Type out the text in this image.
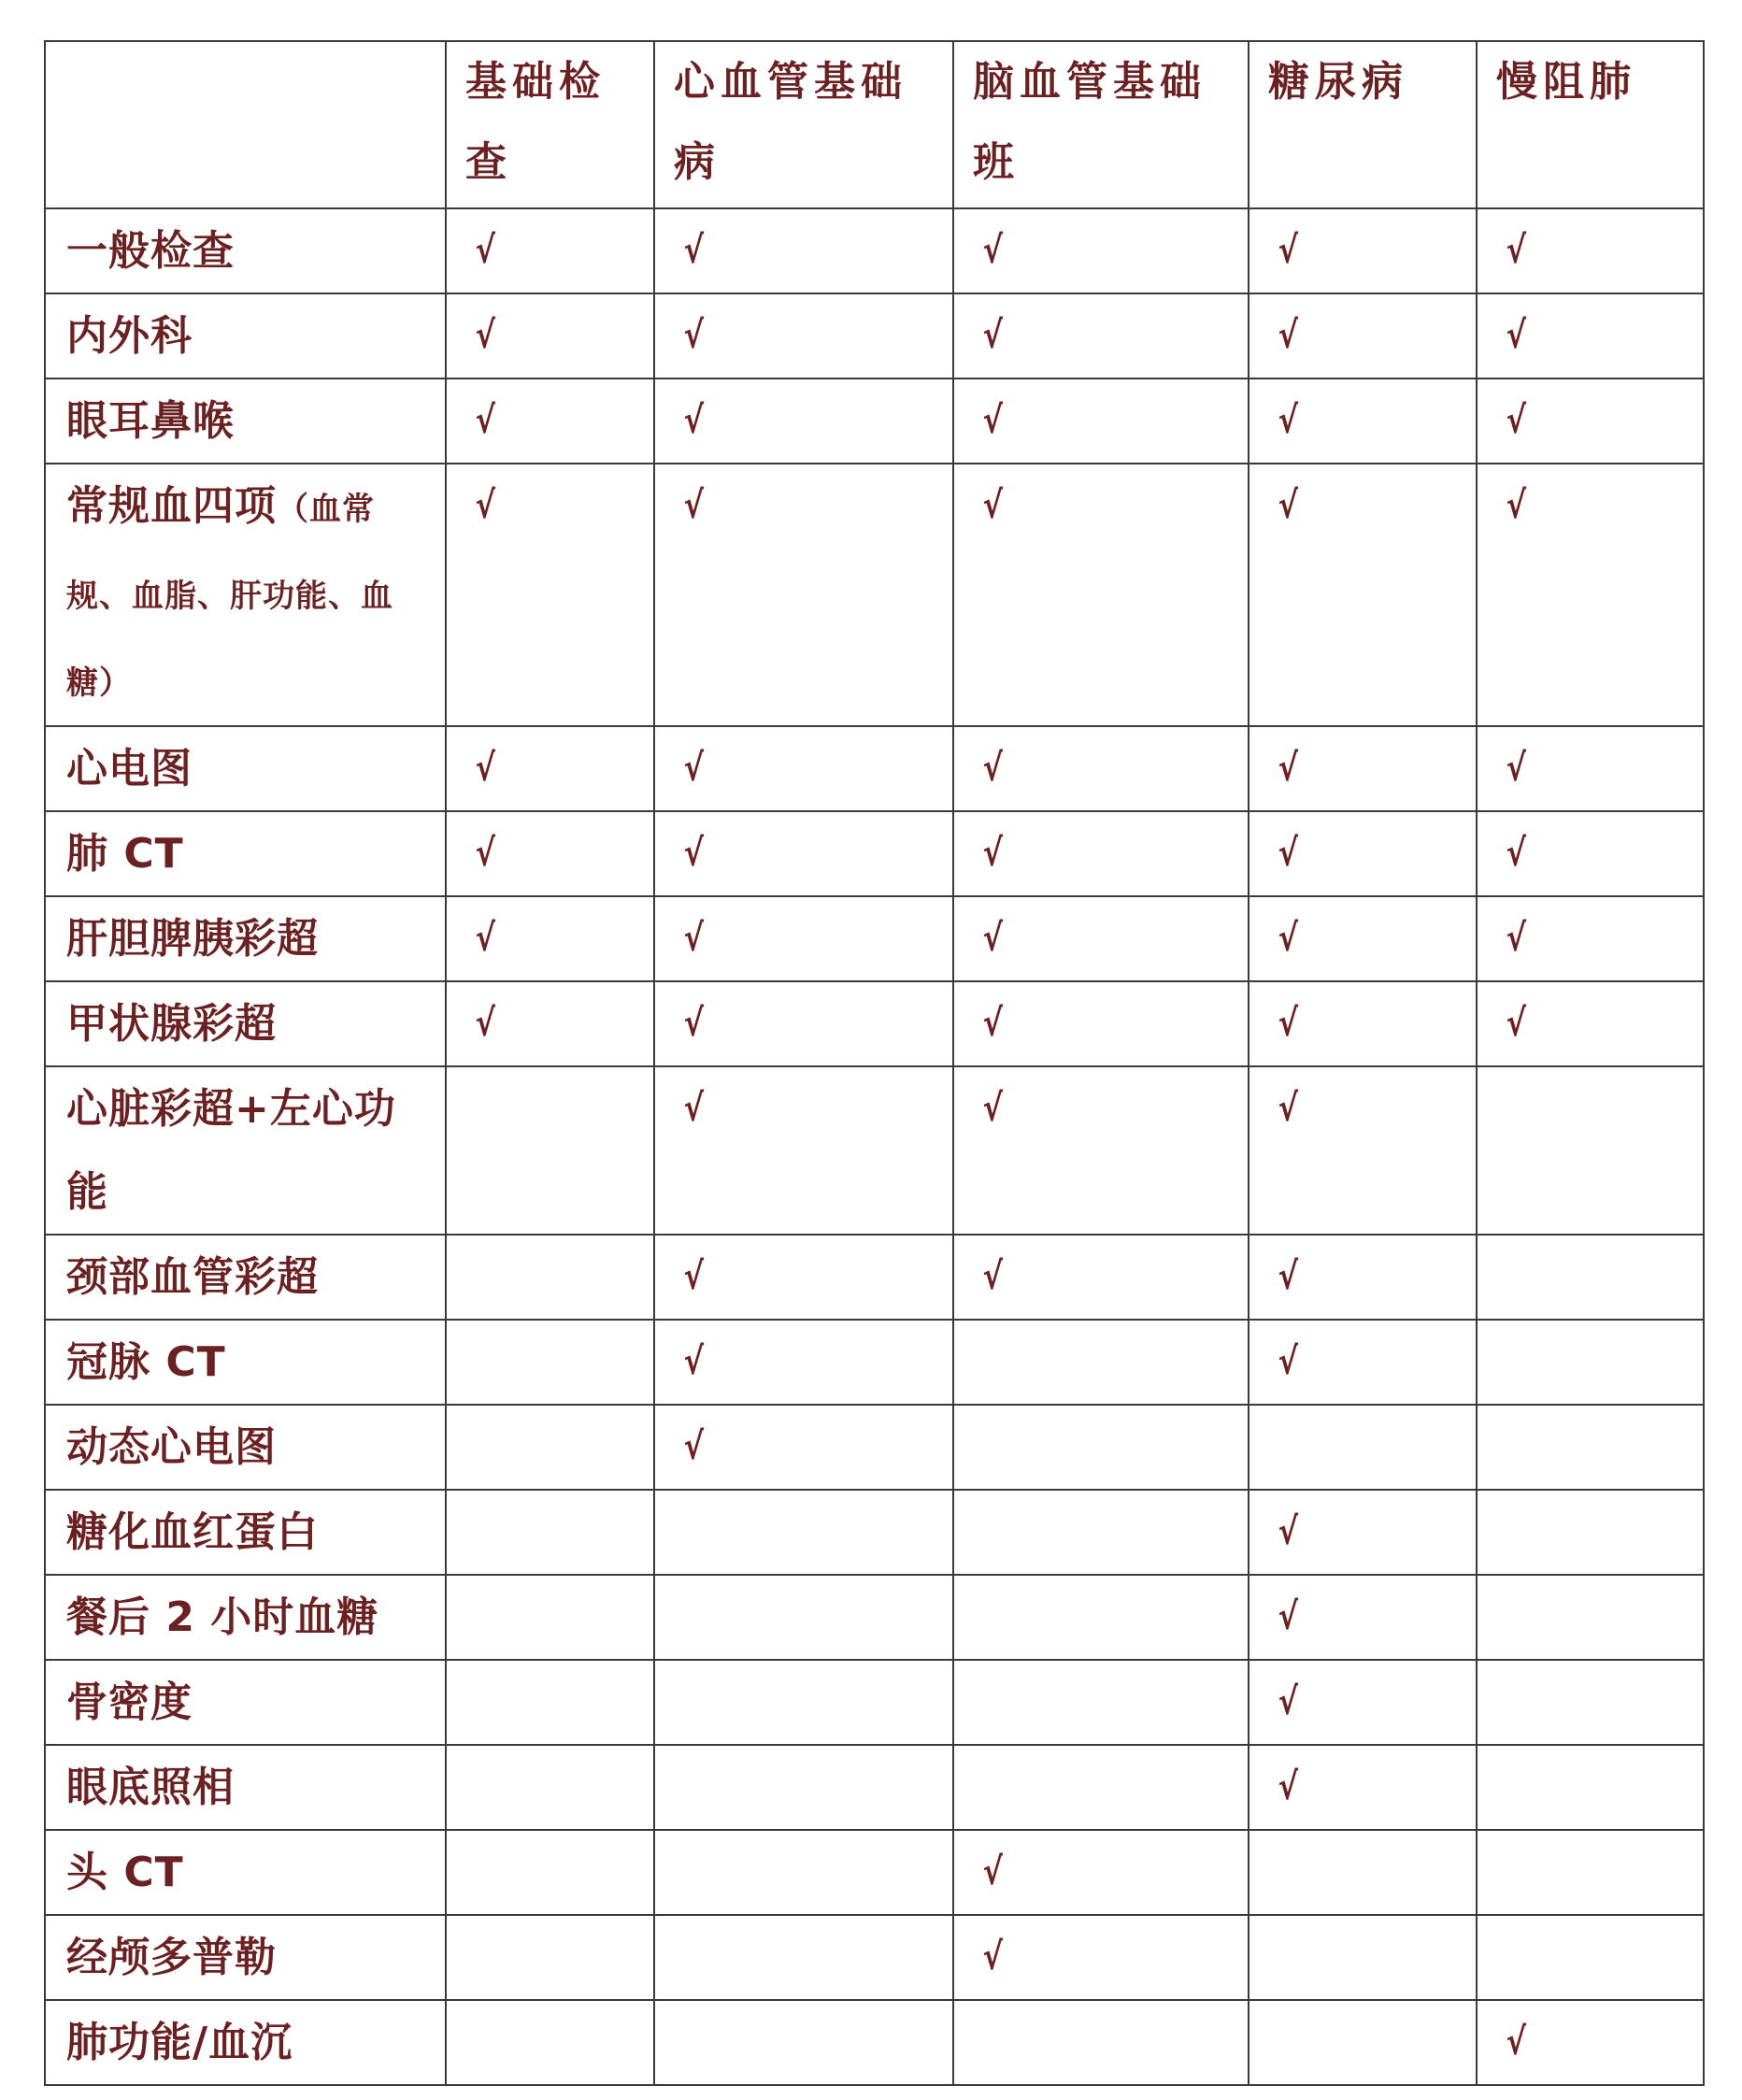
	基础检查	心血管基础病	脑血管基础班	糖尿病	慢阻肺
一般检查	√	√	√	√	√
内外科	√	√	√	√	√
眼耳鼻喉	√	√	√	√	√
常规血四项（血常规、血脂、肝功能、血糖）	√	√	√	√	√
心电图	√	√	√	√	√
肺 CT	√	√	√	√	√
肝胆脾胰彩超	√	√	√	√	√
甲状腺彩超	√	√	√	√	√
心脏彩超+左心功能		√	√	√	
颈部血管彩超		√	√	√	
冠脉 CT		√		√	
动态心电图		√			
糖化血红蛋白				√	
餐后 2 小时血糖				√	
骨密度				√	
眼底照相				√	
头 CT			√		
经颅多普勒			√		
肺功能/血沉					√
